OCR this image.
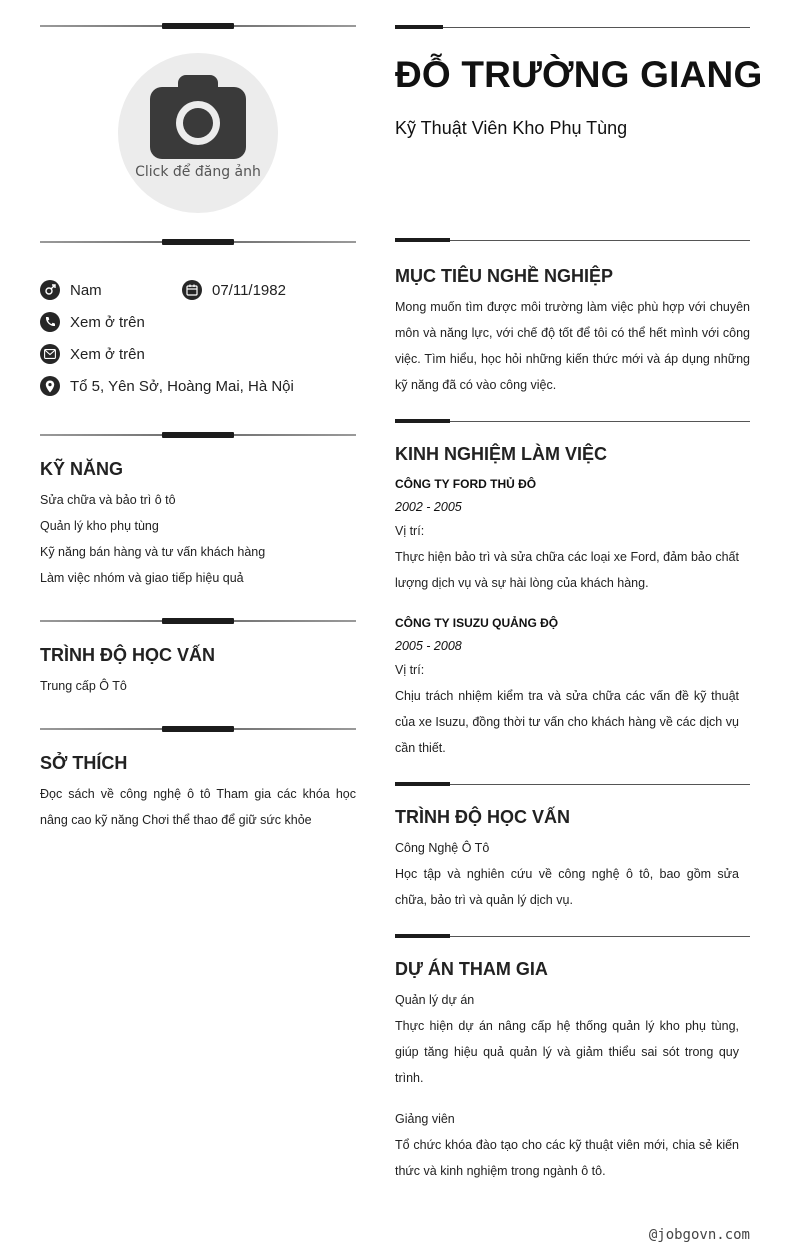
Click để đăng ảnh
Nam	07/11/1982
Xem ở trên
Xem ở trên
Tổ 5, Yên Sở, Hoàng Mai, Hà Nội
KỸ NĂNG
Sửa chữa và bảo trì ô tô
Quản lý kho phụ tùng
Kỹ năng bán hàng và tư vấn khách hàng
Làm việc nhóm và giao tiếp hiệu quả
TRÌNH ĐỘ HỌC VẤN
Trung cấp Ô Tô
SỞ THÍCH
Đọc sách về công nghệ ô tô Tham gia các khóa học nâng cao kỹ năng Chơi thể thao để giữ sức khỏe
ĐỖ TRƯỜNG GIANG
Kỹ Thuật Viên Kho Phụ Tùng
MỤC TIÊU NGHỀ NGHIỆP
Mong muốn tìm được môi trường làm việc phù hợp với chuyên môn và năng lực, với chế độ tốt để tôi có thể hết mình với công việc. Tìm hiểu, học hỏi những kiến thức mới và áp dụng những kỹ năng đã có vào công việc.
KINH NGHIỆM LÀM VIỆC
CÔNG TY FORD THỦ ĐÔ
2002 - 2005
Vị trí:
Thực hiện bảo trì và sửa chữa các loại xe Ford, đảm bảo chất lượng dịch vụ và sự hài lòng của khách hàng.
CÔNG TY ISUZU QUẢNG ĐỘ
2005 - 2008
Vị trí:
Chịu trách nhiệm kiểm tra và sửa chữa các vấn đề kỹ thuật của xe Isuzu, đồng thời tư vấn cho khách hàng về các dịch vụ cần thiết.
TRÌNH ĐỘ HỌC VẤN
Công Nghệ Ô Tô
Học tập và nghiên cứu về công nghệ ô tô, bao gồm sửa chữa, bảo trì và quản lý dịch vụ.
DỰ ÁN THAM GIA
Quản lý dự án
Thực hiện dự án nâng cấp hệ thống quản lý kho phụ tùng, giúp tăng hiệu quả quản lý và giảm thiểu sai sót trong quy trình.
Giảng viên
Tổ chức khóa đào tạo cho các kỹ thuật viên mới, chia sẻ kiến thức và kinh nghiệm trong ngành ô tô.
@jobgovn.com
